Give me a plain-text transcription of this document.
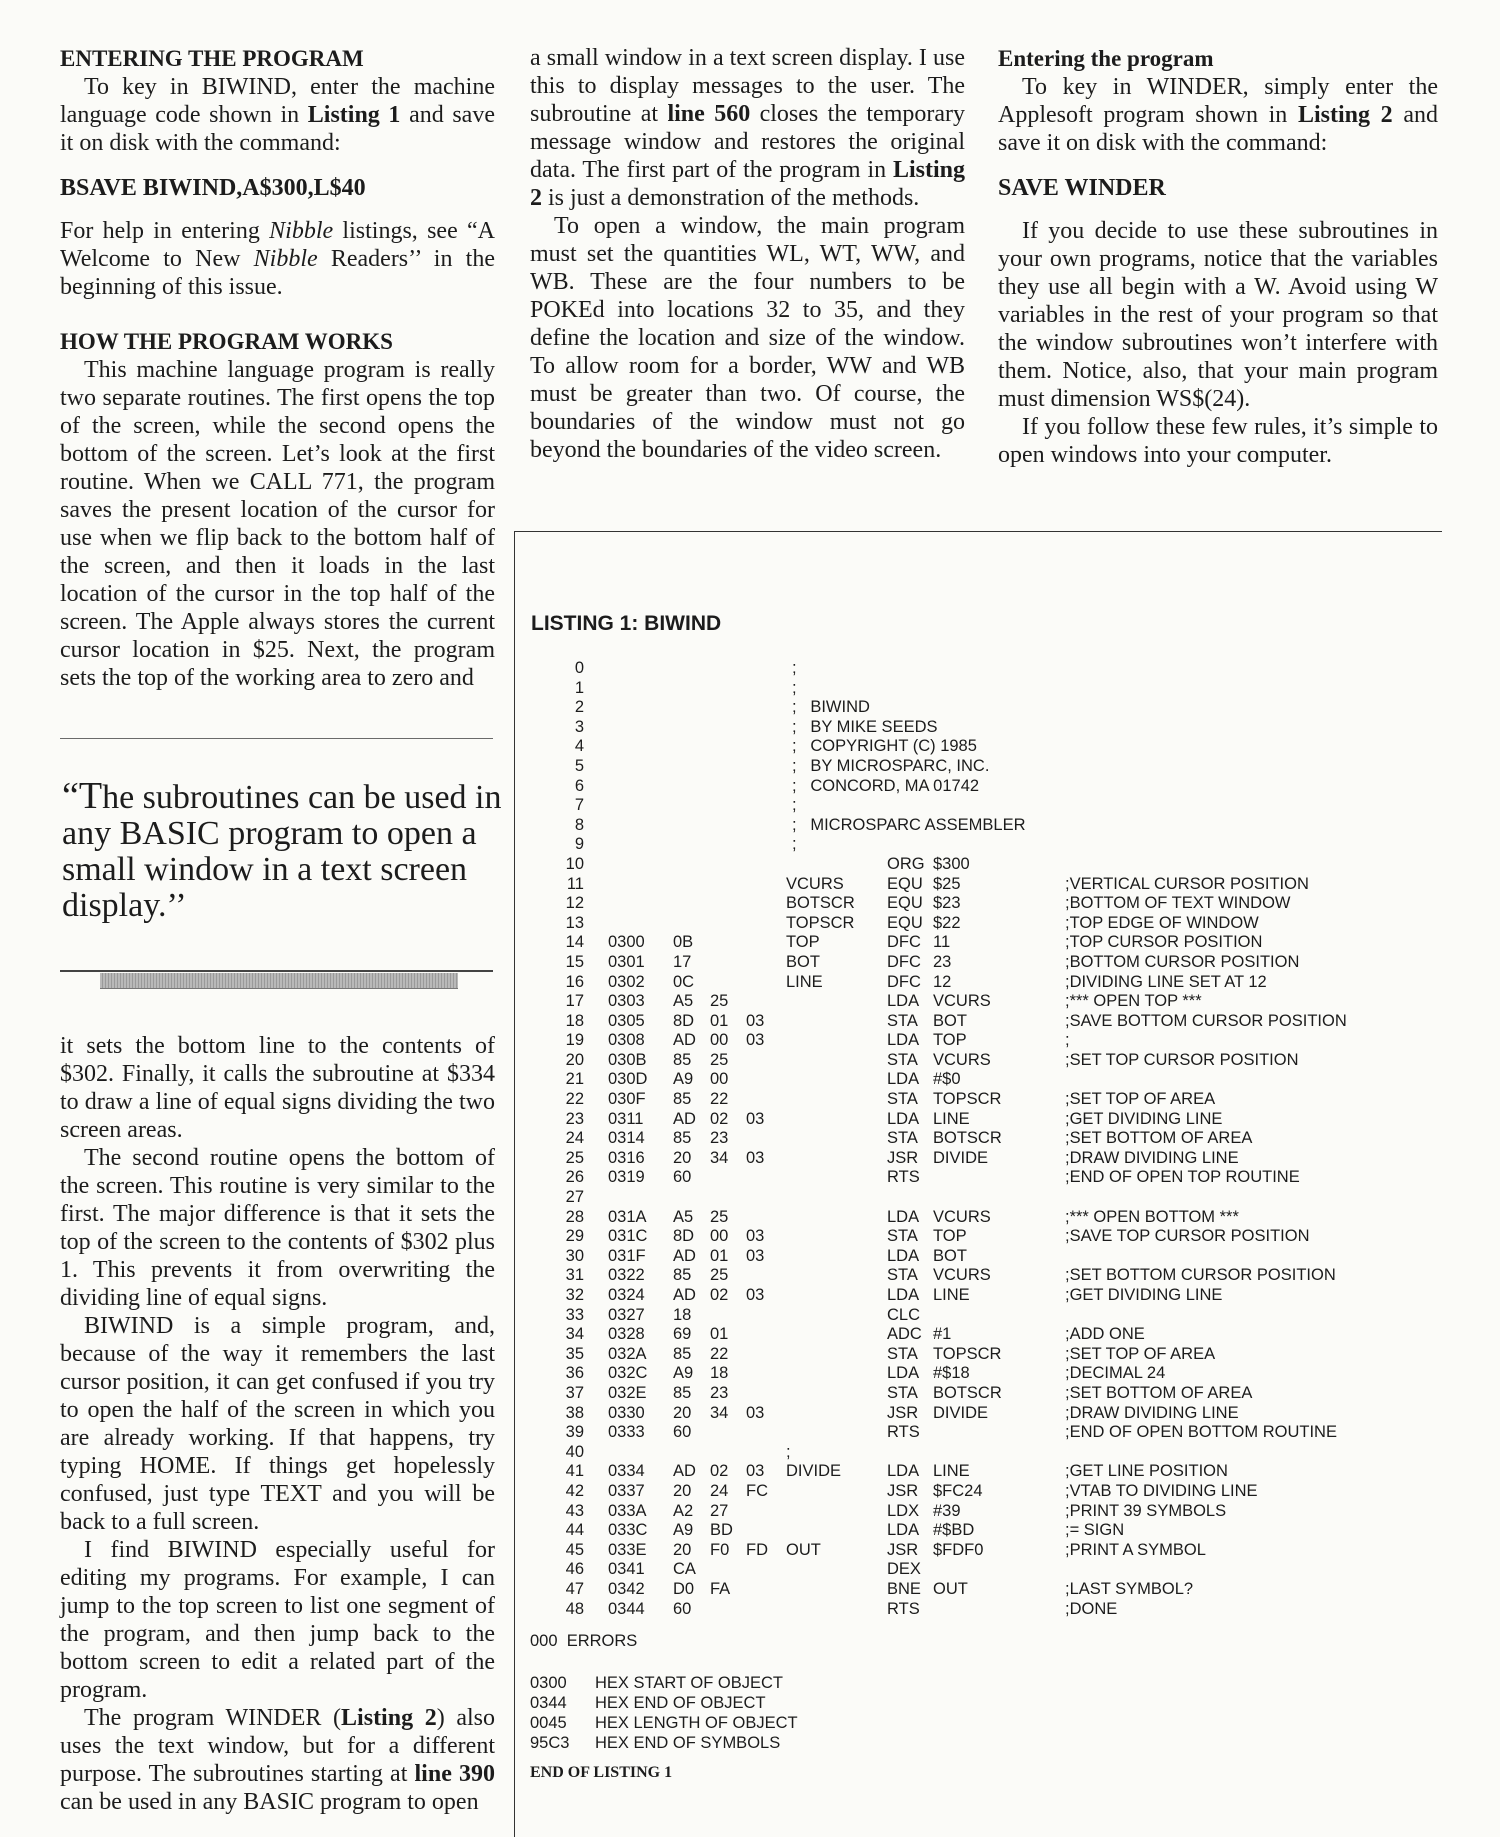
ENTERING THE PROGRAM

To key in BIWIND, enter the machine language code shown in Listing 1 and save it on disk with the command:

BSAVE BIWIND,A$300,L$40

For help in entering Nibble listings, see “A Welcome to New Nibble Readers’’ in the beginning of this issue.

HOW THE PROGRAM WORKS

This machine language program is really two separate routines. The first opens the top of the screen, while the second opens the bottom of the screen. Let’s look at the first routine. When we CALL 771, the program saves the present location of the cursor for use when we flip back to the bottom half of the screen, and then it loads in the last location of the cursor in the top half of the screen. The Apple always stores the current cursor location in $25. Next, the program sets the top of the working area to zero and

“The subroutines can be used in any BASIC program to open a small window in a text screen display.’’

it sets the bottom line to the contents of $302. Finally, it calls the subroutine at $334 to draw a line of equal signs dividing the two screen areas.

The second routine opens the bottom of the screen. This routine is very similar to the first. The major difference is that it sets the top of the screen to the contents of $302 plus 1. This prevents it from overwriting the dividing line of equal signs.

BIWIND is a simple program, and, because of the way it remembers the last cursor position, it can get confused if you try to open the half of the screen in which you are already working. If that happens, try typing HOME. If things get hopelessly confused, just type TEXT and you will be back to a full screen.

I find BIWIND especially useful for editing my programs. For example, I can jump to the top screen to list one segment of the program, and then jump back to the bottom screen to edit a related part of the program.

The program WINDER (Listing 2) also uses the text window, but for a different purpose. The subroutines starting at line 390 can be used in any BASIC program to open

a small window in a text screen display. I use this to display messages to the user. The subroutine at line 560 closes the temporary message window and restores the original data. The first part of the program in Listing 2 is just a demonstration of the methods.

To open a window, the main program must set the quantities WL, WT, WW, and WB. These are the four numbers to be POKEd into locations 32 to 35, and they define the location and size of the window. To allow room for a border, WW and WB must be greater than two. Of course, the boundaries of the window must not go beyond the boundaries of the video screen.

Entering the program

To key in WINDER, simply enter the Applesoft program shown in Listing 2 and save it on disk with the command:

SAVE WINDER

If you decide to use these subroutines in your own programs, notice that the variables they use all begin with a W. Avoid using W variables in the rest of your program so that the window subroutines won’t interfere with them. Notice, also, that your main program must dimension WS$(24).

If you follow these few rules, it’s simple to open windows into your computer.

LISTING 1: BIWIND
0	;
1	;
2	;   BIWIND
3	;   BY MIKE SEEDS
4	;   COPYRIGHT (C) 1985
5	;   BY MICROSPARC, INC.
6	;   CONCORD, MA 01742
7	;
8	;   MICROSPARC ASSEMBLER
9	;
10	ORG $300
11	VCURS	EQU $25	;VERTICAL CURSOR POSITION
12	BOTSCR EQU $23	;BOTTOM OF TEXT WINDOW
13	TOPSCR EQU $22	;TOP EDGE OF WINDOW
14 0300 0B	TOP	DFC 11	;TOP CURSOR POSITION
15 0301 17	BOT	DFC 23	;BOTTOM CURSOR POSITION
16 0302 0C	LINE	DFC 12	;DIVIDING LINE SET AT 12
17 0303 A5 25	LDA VCURS	;*** OPEN TOP ***
18 0305 8D 01 03	STA BOT	;SAVE BOTTOM CURSOR POSITION
19 0308 AD 00 03	LDA TOP	;
20 030B 85 25	STA VCURS	;SET TOP CURSOR POSITION
21 030D A9 00	LDA #$0
22 030F 85 22	STA TOPSCR	;SET TOP OF AREA
23 0311 AD 02 03	LDA LINE	;GET DIVIDING LINE
24 0314 85 23	STA BOTSCR	;SET BOTTOM OF AREA
25 0316 20 34 03	JSR DIVIDE	;DRAW DIVIDING LINE
26 0319 60	RTS	;END OF OPEN TOP ROUTINE
27
28 031A A5 25	LDA VCURS	;*** OPEN BOTTOM ***
29 031C 8D 00 03	STA TOP	;SAVE TOP CURSOR POSITION
30 031F AD 01 03	LDA BOT
31 0322 85 25	STA VCURS	;SET BOTTOM CURSOR POSITION
32 0324 AD 02 03	LDA LINE	;GET DIVIDING LINE
33 0327 18	CLC
34 0328 69 01	ADC #1	;ADD ONE
35 032A 85 22	STA TOPSCR	;SET TOP OF AREA
36 032C A9 18	LDA #$18	;DECIMAL 24
37 032E 85 23	STA BOTSCR	;SET BOTTOM OF AREA
38 0330 20 34 03	JSR DIVIDE	;DRAW DIVIDING LINE
39 0333 60	RTS	;END OF OPEN BOTTOM ROUTINE
40	;
41 0334 AD 02 03 DIVIDE	LDA LINE	;GET LINE POSITION
42 0337 20 24 FC	JSR $FC24	;VTAB TO DIVIDING LINE
43 033A A2 27	LDX #39	;PRINT 39 SYMBOLS
44 033C A9 BD	LDA #$BD	;= SIGN
45 033E 20 F0 FD OUT	JSR $FDF0	;PRINT A SYMBOL
46 0341 CA	DEX
47 0342 D0 FA	BNE OUT	;LAST SYMBOL?
48 0344 60	RTS	;DONE
000  ERRORS
0300 HEX START OF OBJECT
0344 HEX END OF OBJECT
0045 HEX LENGTH OF OBJECT
95C3 HEX END OF SYMBOLS
END OF LISTING 1
